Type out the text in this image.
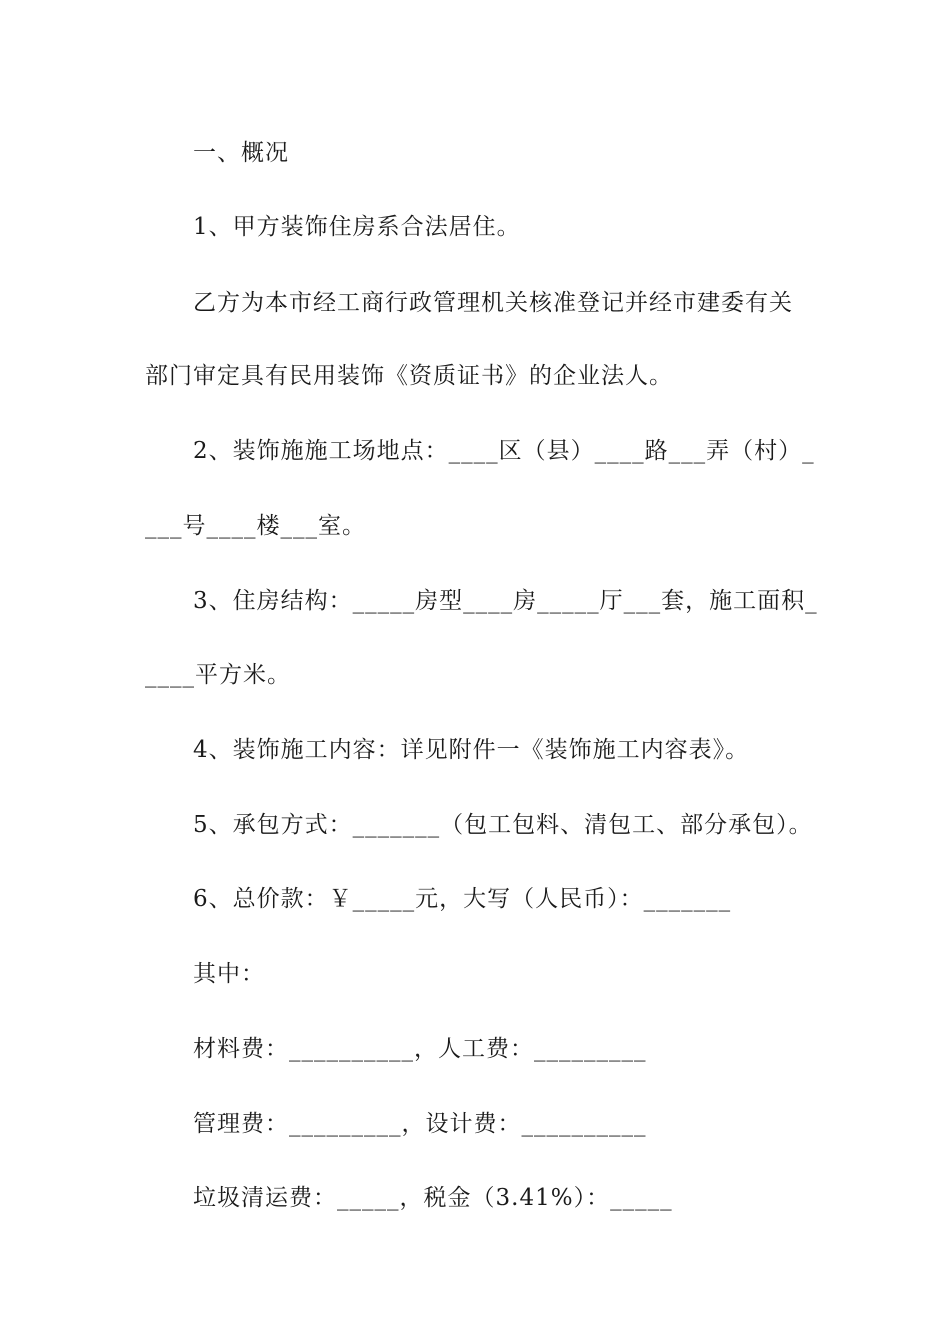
一、概况
1、甲方装饰住房系合法居住。
乙方为本市经工商行政管理机关核准登记并经市建委有关
部门审定具有民用装饰《资质证书》的企业法人。
2、装饰施施工场地点：____区（县）____路___弄（村）_
___号____楼___室。
3、住房结构：_____房型____房_____厅___套，施工面积_
____平方米。
4、装饰施工内容：详见附件一《装饰施工内容表》。
5、承包方式：_______（包工包料、清包工、部分承包）。
6、总价款：￥_____元，大写（人民币）：_______
其中：
材料费：__________，人工费：_________
管理费：_________，设计费：__________
垃圾清运费：_____，税金（3.41%）：_____
